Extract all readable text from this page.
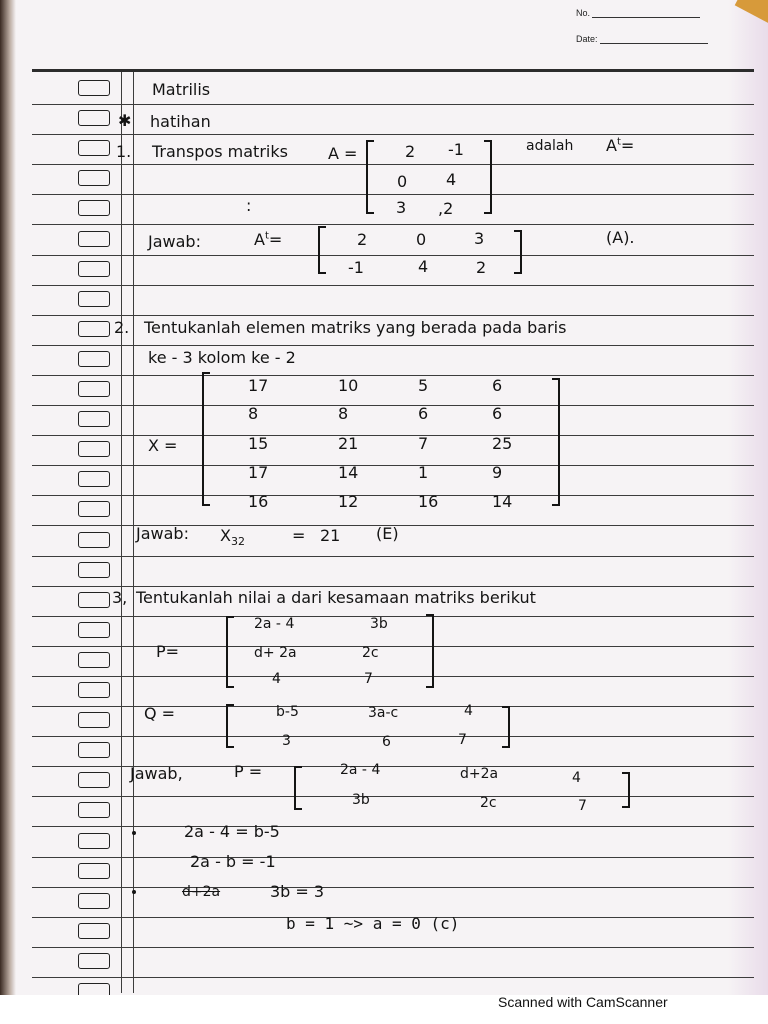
No.
Date:
Matrilis
✱ hatihan
1. Transpos matriks	A =	2 -1
0 4
3 ,2
adalah $A^t=$
:
Jawab:	$A^t=$	2	0	3
-1	4	2
(A).
2. Tentukanlah elemen matriks yang berada pada baris
ke - 3 kolom ke - 2
X =
17	10	5	6
8	8	6	6
15	21	7	25
17	14	1	9
16	12	16	14
Jawab: $X_{32}$	= 21 (E)
3, Tentukanlah nilai a dari kesamaan matriks berikut
P=
2a - 4	3b
d+ 2a	2c
4	7
Q =	b-5	3a-c	4
3	6	7
Jawab,	P =	2a - 4	d+2a	4
3b	2c	7
2a - 4 = b-5
2a - b = -1
d+2a	3b = 3
b = 1 ~> a = 0 (c)
Scanned with CamScanner
